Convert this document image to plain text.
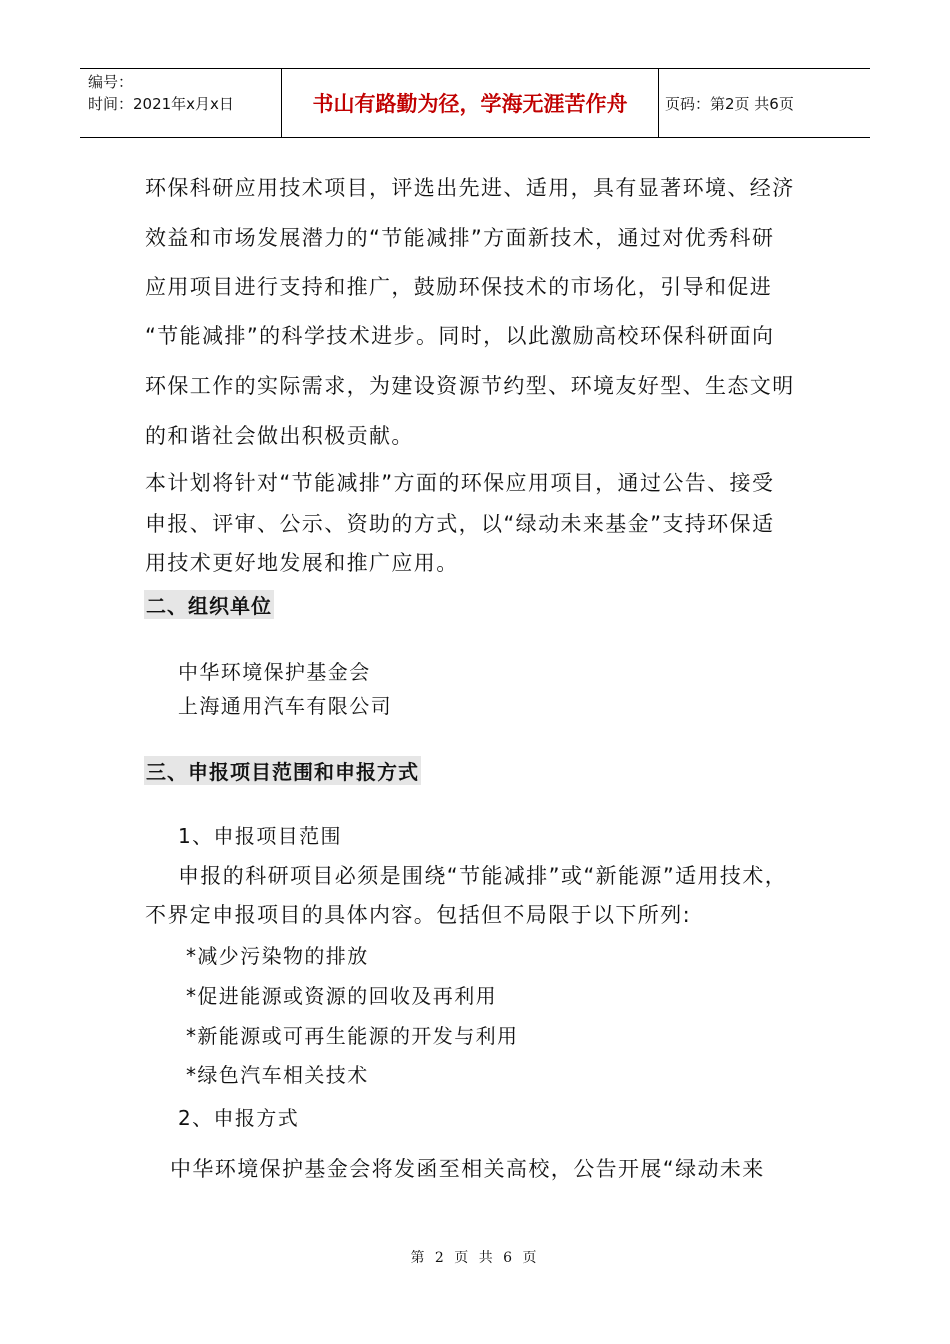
编号：
时间：2021年x月x日	书山有路勤为径，学海无涯苦作舟	页码：第2页 共6页
环保科研应用技术项目，评选出先进、适用，具有显著环境、经济
效益和市场发展潜力的“节能减排”方面新技术，通过对优秀科研
应用项目进行支持和推广，鼓励环保技术的市场化，引导和促进
“节能减排”的科学技术进步。同时，以此激励高校环保科研面向
环保工作的实际需求，为建设资源节约型、环境友好型、生态文明
的和谐社会做出积极贡献。
本计划将针对“节能减排”方面的环保应用项目，通过公告、接受
申报、评审、公示、资助的方式，以“绿动未来基金”支持环保适
用技术更好地发展和推广应用。
二、组织单位
中华环境保护基金会
上海通用汽车有限公司
三、申报项目范围和申报方式
1、申报项目范围
申报的科研项目必须是围绕“节能减排”或“新能源”适用技术，
不界定申报项目的具体内容。包括但不局限于以下所列:
*减少污染物的排放
*促进能源或资源的回收及再利用
*新能源或可再生能源的开发与利用
*绿色汽车相关技术
2、申报方式
中华环境保护基金会将发函至相关高校，公告开展“绿动未来
第 2 页 共 6 页
